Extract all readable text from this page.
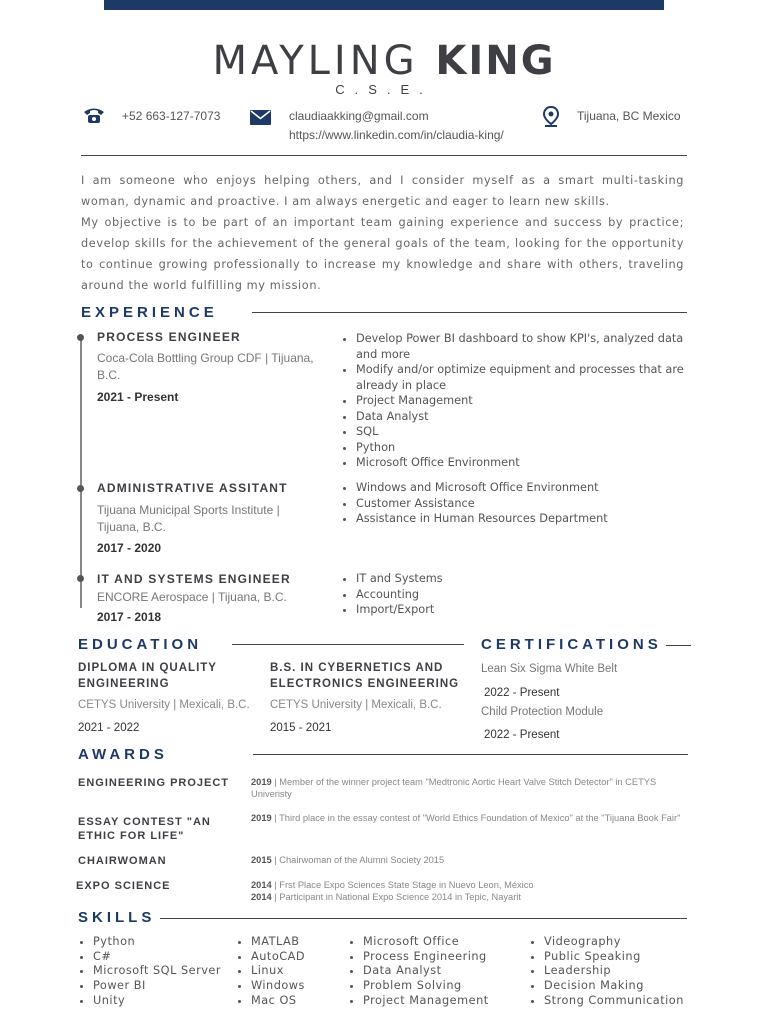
MAYLING KING
C.S.E.
+52 663-127-7073	claudiaakking@gmail.com
https://www.linkedin.com/in/claudia-king/
Tijuana, BC Mexico

I am someone who enjoys helping others, and I consider myself as a smart multi-tasking woman, dynamic and proactive. I am always energetic and eager to learn new skills.

My objective is to be part of an important team gaining experience and success by practice; develop skills for the achievement of the general goals of the team, looking for the opportunity to continue growing professionally to increase my knowledge and share with others, traveling around the world fulfilling my mission.

EXPERIENCE
PROCESS ENGINEER
Coca-Cola Bottling Group CDF | Tijuana, B.C.
2021 - Present
• Develop Power BI dashboard to show KPI's, analyzed data and more
• Modify and/or optimize equipment and processes that are already in place
• Project Management
• Data Analyst
• SQL
• Python
• Microsoft Office Environment
ADMINISTRATIVE ASSITANT
Tijuana Municipal Sports Institute | Tijuana, B.C.
2017 - 2020
• Windows and Microsoft Office Environment
• Customer Assistance
• Assistance in Human Resources Department
IT AND SYSTEMS ENGINEER
ENCORE Aerospace | Tijuana, B.C.
2017 - 2018
• IT and Systems
• Accounting
• Import/Export
EDUCATION
DIPLOMA IN QUALITY ENGINEERING
CETYS University | Mexicali, B.C.
2021 - 2022
B.S. IN CYBERNETICS AND ELECTRONICS ENGINEERING
CETYS University | Mexicali, B.C.
2015 - 2021
CERTIFICATIONS
Lean Six Sigma White Belt
2022 - Present
Child Protection Module
2022 - Present
AWARDS
ENGINEERING PROJECT	2019 | Member of the winner project team "Medtronic Aortic Heart Valve Stitch Detector" in CETYS Univeristy
ESSAY CONTEST "AN ETHIC FOR LIFE"
2019 | Third place in the essay contest of "World Ethics Foundation of Mexico" at the "Tijuana Book Fair"
CHAIRWOMAN	2015 | Chairwoman of the Alumni Society 2015
EXPO SCIENCE	2014 | Frst Place Expo Sciences State Stage in Nuevo Leon, México
2014 | Participant in National Expo Science 2014 in Tepic, Nayarit
SKILLS
• Python
• C#
• Microsoft SQL Server
• Power BI
• Unity
• MATLAB
• AutoCAD
• Linux
• Windows
• Mac OS
• Microsoft Office
• Process Engineering
• Data Analyst
• Problem Solving
• Project Management
• Videography
• Public Speaking
• Leadership
• Decision Making
• Strong Communication
